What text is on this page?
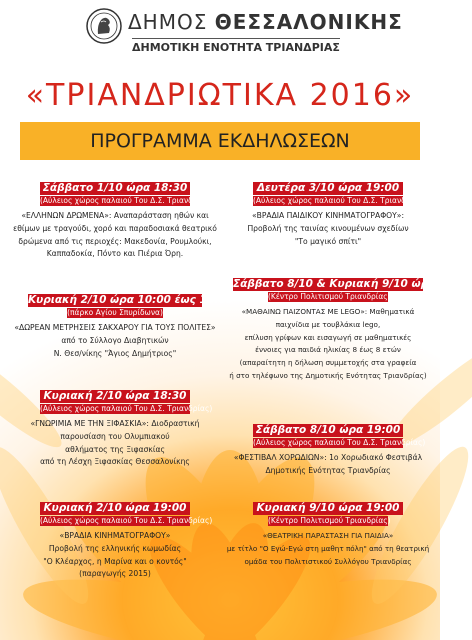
ΔΗΜΟΣ ΘΕΣΣΑΛΟΝΙΚΗΣ
ΔΗΜΟΤΙΚΗ ΕΝΟΤΗΤΑ ΤΡΙΑΝΔΡΙΑΣ
«ΤΡΙΑΝΔΡΙΩΤΙΚΑ 2016»
ΠΡΟΓΡΑΜΜΑ ΕΚΔΗΛΩΣΕΩΝ
Σάββατο 1/10 ώρα 18:30
(Αύλειος χώρος παλαιού Του Δ.Σ. Τριανδρίας)
«ΕΛΛΗΝΩΝ ΔΡΩΜΕΝΑ»: Αναπαράσταση ηθών και
εθίμων με τραγούδι, χορό και παραδοσιακά θεατρικό
δρώμενα από τις περιοχές: Μακεδονία, Ρουμλούκι,
Καππαδοκία, Πόντο και Πιέρια Όρη.
Κυριακή 2/10 ώρα 10:00 έως 13:00
(πάρκο Αγίου Σπυρίδωνα)
«ΔΩΡΕΑΝ ΜΕΤΡΗΣΕΙΣ ΣΑΚΧΑΡΟΥ ΓΙΑ ΤΟΥΣ ΠΟΛΙΤΕΣ»
από το Σύλλογο Διαβητικών
Ν. Θεσ/νίκης "Άγιος Δημήτριος"
Κυριακή 2/10 ώρα 18:30
(Αύλειος χώρος παλαιού Του Δ.Σ. Τριανδρίας)
«ΓΝΩΡΙΜΙΑ ΜΕ ΤΗΝ ΞΙΦΑΣΚΙΑ»: Διοδραστική
παρουσίαση του Ολυμπιακού
αθλήματος της Ξιφασκίας
από τη Λέσχη Ξιφασκίας Θεσσαλονίκης
Κυριακή 2/10 ώρα 19:00
(Αύλειος χώρος παλαιού Του Δ.Σ. Τριανδρίας)
«ΒΡΑΔΙΑ ΚΙΝΗΜΑΤΟΓΡΑΦΟΥ»
Προβολή της ελληνικής κωμωδίας
"Ο Κλέαρχος, η Μαρίνα και ο κοντός"
(παραγωγής 2015)
Δευτέρα 3/10 ώρα 19:00
(Αύλειος χώρος παλαιού Του Δ.Σ. Τριανδρίας)
«ΒΡΑΔΙΑ ΠΑΙΔΙΚΟΥ ΚΙΝΗΜΑΤΟΓΡΑΦΟΥ»:
Προβολή της ταινίας κινουμένων σχεδίων
"Το μαγικό σπίτι"
Σάββατο 8/10 & Κυριακή 9/10 ώρα 11:00
(Κέντρο Πολιτισμού Τριανδρίας)
«ΜΑΘΑΙΝΩ ΠΑΙΖΟΝΤΑΣ ΜΕ LEGO»: Μαθηματικά
παιχνίδια με τουβλάκια lego,
επίλυση γρίφων και εισαγωγή σε μαθηματικές
έννοιες για παιδιά ηλικίας 8 έως 8 ετών
(απαραίτητη η δήλωση συμμετοχής στα γραφεία
ή στο τηλέφωνο της Δημοτικής Ενότητας Τριανδρίας)
Σάββατο 8/10 ώρα 19:00
(Αύλειος χώρος παλαιού Του Δ.Σ. Τριανδρίας)
«ΦΕΣΤΙΒΑΛ ΧΟΡΩΔΙΩΝ»: 1ο Χορωδιακό Φεστιβάλ
Δημοτικής Ενότητας Τριανδρίας
Κυριακή 9/10 ώρα 19:00
(Κέντρο Πολιτισμού Τριανδρίας)
«ΘΕΑΤΡΙΚΗ ΠΑΡΑΣΤΑΣΗ ΓΙΑ ΠΑΙΔΙΑ»
με τίτλο "Ο Εγώ-Εγώ στη μαθητ πόλη" από τη θεατρική
ομάδα του Πολιτιστικού Συλλόγου Τριανδρίας
